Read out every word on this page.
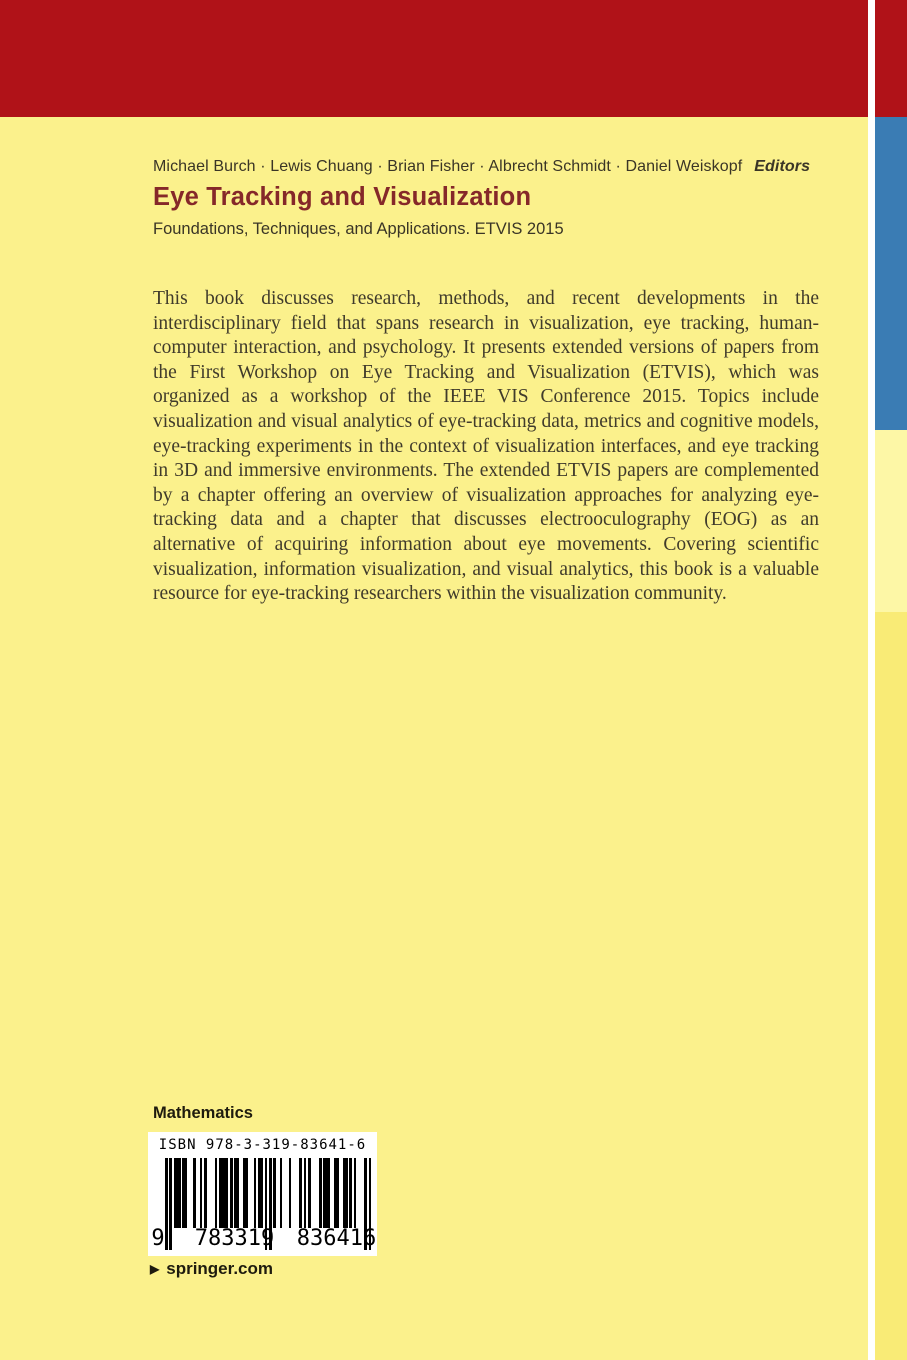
Michael Burch · Lewis Chuang · Brian Fisher · Albrecht Schmidt · Daniel Weiskopf Editors
Eye Tracking and Visualization
Foundations, Techniques, and Applications. ETVIS 2015
This book discusses research, methods, and recent developments in the interdisciplinary field that spans research in visualization, eye tracking, human-computer interaction, and psychology. It presents extended versions of papers from the First Workshop on Eye Tracking and Visualization (ETVIS), which was organized as a workshop of the IEEE VIS Conference 2015. Topics include visualization and visual analytics of eye-tracking data, metrics and cognitive models, eye-tracking experiments in the context of visualization interfaces, and eye tracking in 3D and immersive environments. The extended ETVIS papers are complemented by a chapter offering an overview of visualization approaches for analyzing eye-tracking data and a chapter that discusses electrooculography (EOG) as an alternative of acquiring information about eye movements. Covering scientific visualization, information visualization, and visual analytics, this book is a valuable resource for eye-tracking researchers within the visualization community.
Mathematics
ISBN 978-3-319-83641-6
9 783319 836416
▶ springer.com
